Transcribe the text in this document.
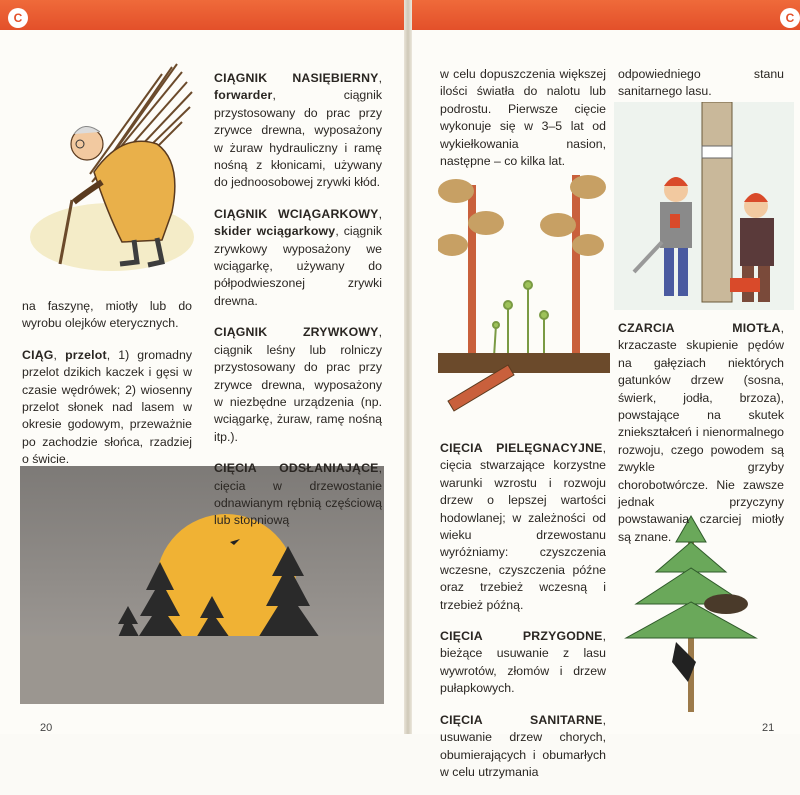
C	C

na faszynę, miotły lub do wyrobu olejków eterycznych.

CIĄG, przelot, 1) gromadny przelot dzikich kaczek i gęsi w czasie wędrówek; 2) wiosenny przelot słonek nad lasem w okresie godowym, przeważnie po zachodzie słońca, rzadziej o świcie.

CIĄGNIK NASIĘBIERNY, forwarder, ciągnik przystosowany do prac przy zrywce drewna, wyposażony w żuraw hydrauliczny i ramę nośną z kłonicami, używany do jednoosobowej zrywki kłód.

CIĄGNIK WCIĄGARKOWY, skider wciągarkowy, ciągnik zrywkowy wyposażony we wciągarkę, używany do półpodwieszonej zrywki drewna.

CIĄGNIK ZRYWKOWY, ciągnik leśny lub rolniczy przystosowany do prac przy zrywce drewna, wyposażony w niezbędne urządzenia (np. wciągarkę, żuraw, ramę nośną itp.).

CIĘCIA ODSŁANIAJĄCE, cięcia w drzewostanie odnawianym rębnią częściową lub stopniową

20

w celu dopuszczenia większej ilości światła do nalotu lub podrostu. Pierwsze cięcie wykonuje się w 3–5 lat od wykiełkowania nasion, następne – co kilka lat.

odpowiedniego stanu sanitarnego lasu.

CIĘCIA PIELĘGNACYJNE, cięcia stwarzające korzystne warunki wzrostu i rozwoju drzew o lepszej wartości hodowlanej; w zależności od wieku drzewostanu wyróżniamy: czyszczenia wczesne, czyszczenia późne oraz trzebież wczesną i trzebież późną.

CIĘCIA PRZYGODNE, bieżące usuwanie z lasu wywrotów, złomów i drzew pułapkowych.

CIĘCIA SANITARNE, usuwanie drzew chorych, obumierających i obumarłych w celu utrzymania

CZARCIA MIOTŁA, krzaczaste skupienie pędów na gałęziach niektórych gatunków drzew (sosna, świerk, jodła, brzoza), powstające na skutek zniekształceń i nienormalnego rozwoju, czego powodem są zwykle grzyby chorobotwórcze. Nie zawsze jednak przyczyny powstawania czarciej miotły są znane.

21
